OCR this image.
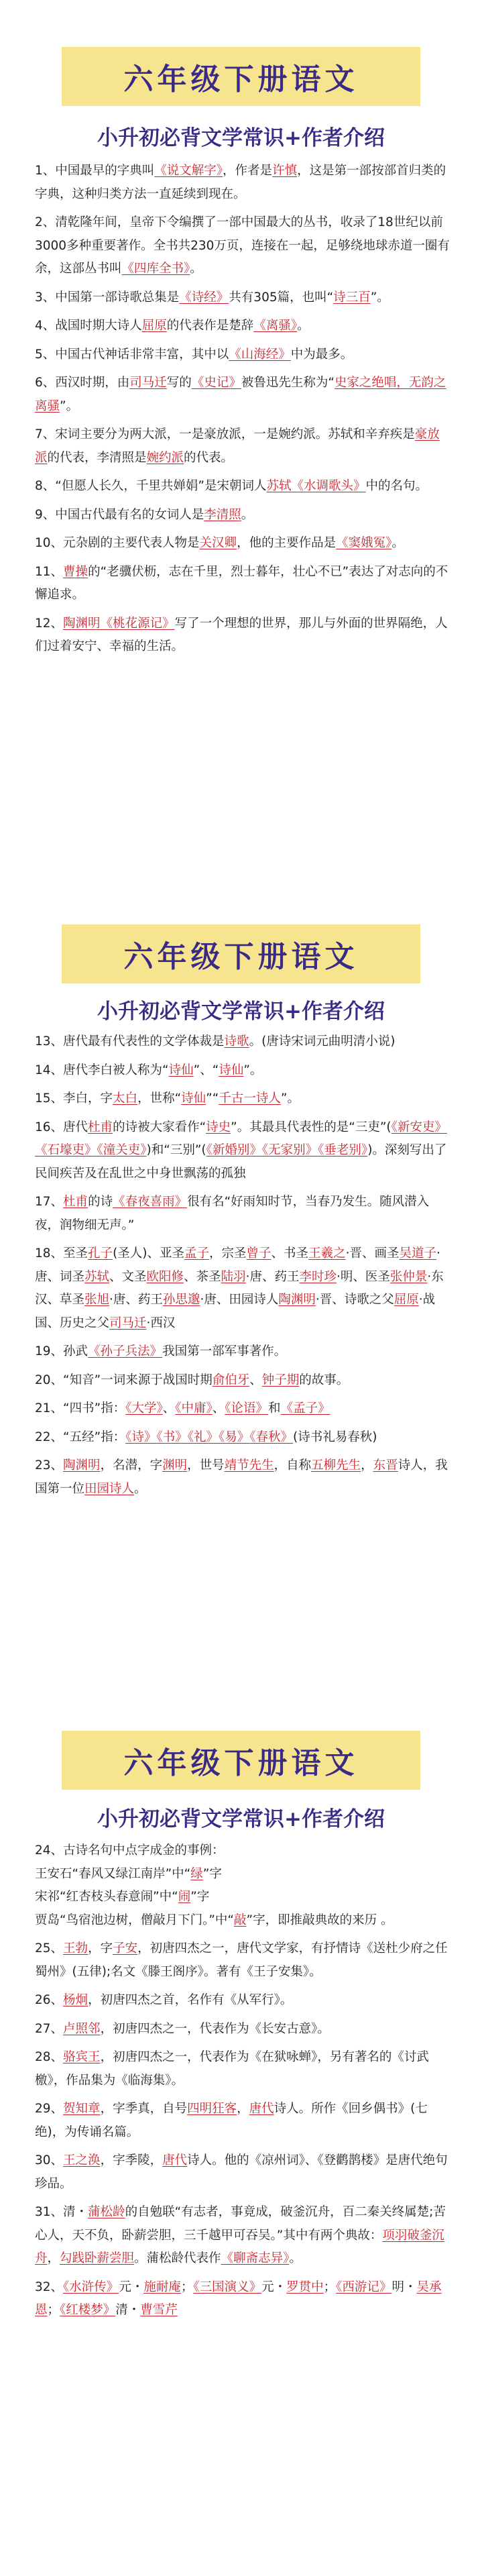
六年级下册语文
小升初必背文学常识+作者介绍
1、中国最早的字典叫《说文解字》，作者是许慎，这是第一部按部首归类的字典，这种归类方法一直延续到现在。
2、清乾隆年间，皇帝下令编撰了一部中国最大的丛书，收录了18世纪以前3000多种重要著作。全书共230万页，连接在一起，足够绕地球赤道一圈有余，这部丛书叫《四库全书》。
3、中国第一部诗歌总集是《诗经》共有305篇，也叫“诗三百”。
4、战国时期大诗人屈原的代表作是楚辞《离骚》。
5、中国古代神话非常丰富，其中以《山海经》中为最多。
6、西汉时期，由司马迁写的《史记》被鲁迅先生称为“史家之绝唱，无韵之离骚”。
7、宋词主要分为两大派，一是豪放派，一是婉约派。苏轼和辛弃疾是豪放派的代表，李清照是婉约派的代表。
8、“但愿人长久，千里共婵娟”是宋朝词人苏轼《水调歌头》中的名句。
9、中国古代最有名的女词人是李清照。
10、元杂剧的主要代表人物是关汉卿，他的主要作品是《窦娥冤》。
11、曹操的“老骥伏枥，志在千里，烈士暮年，壮心不已”表达了对志向的不懈追求。
12、陶渊明《桃花源记》写了一个理想的世界，那儿与外面的世界隔绝，人们过着安宁、幸福的生活。
六年级下册语文
小升初必背文学常识+作者介绍
13、唐代最有代表性的文学体裁是诗歌。(唐诗宋词元曲明清小说)
14、唐代李白被人称为“诗仙”、“诗仙”。
15、李白，字太白，世称“诗仙”“千古一诗人”。
16、唐代杜甫的诗被大家看作“诗史”。其最具代表性的是“三吏”(《新安吏》《石壕吏》《潼关吏》)和“三别”(《新婚别》《无家别》《垂老别》)。深刻写出了民间疾苦及在乱世之中身世飘荡的孤独
17、杜甫的诗《春夜喜雨》很有名“好雨知时节，当春乃发生。随风潜入夜，润物细无声。”
18、至圣孔子(圣人)、亚圣孟子，宗圣曾子、书圣王羲之·晋、画圣吴道子·唐、词圣苏轼、文圣欧阳修、茶圣陆羽·唐、药王李时珍·明、医圣张仲景·东汉、草圣张旭·唐、药王孙思邈·唐、田园诗人陶渊明·晋、诗歌之父屈原·战国、历史之父司马迁·西汉
19、孙武《孙子兵法》我国第一部军事著作。
20、“知音”一词来源于战国时期俞伯牙、钟子期的故事。
21、“四书”指：《大学》、《中庸》、《论语》和《孟子》
22、“五经”指：《诗》《书》《礼》《易》《春秋》(诗书礼易春秋)
23、陶渊明，名潜，字渊明，世号靖节先生，自称五柳先生，东晋诗人，我国第一位田园诗人。
六年级下册语文
小升初必背文学常识+作者介绍
24、古诗名句中点字成金的事例：
王安石“春风又绿江南岸”中“绿”字
宋祁“红杏枝头春意闹”中“闹”字
贾岛“鸟宿池边树，僧敲月下门。”中“敲”字，即推敲典故的来历 。
25、王勃，字子安，初唐四杰之一，唐代文学家，有抒情诗《送杜少府之任蜀州》(五律);名文《滕王阁序》。著有《王子安集》。
26、杨炯，初唐四杰之首，名作有《从军行》。
27、卢照邻，初唐四杰之一，代表作为《长安古意》。
28、骆宾王，初唐四杰之一，代表作为《在狱咏蝉》，另有著名的《讨武檄》，作品集为《临海集》。
29、贺知章，字季真，自号四明狂客，唐代诗人。所作《回乡偶书》(七绝)，为传诵名篇。
30、王之涣，字季陵，唐代诗人。他的《凉州词》、《登鹳鹊楼》是唐代绝句珍品。
31、清・蒲松龄的自勉联“有志者，事竟成，破釜沉舟，百二秦关终属楚;苦心人，天不负，卧薪尝胆，三千越甲可吞吴。”其中有两个典故：项羽破釜沉舟，勾践卧薪尝胆。蒲松龄代表作《聊斋志异》。
32、《水浒传》元・施耐庵；《三国演义》元・罗贯中；《西游记》明・吴承恩；《红楼梦》清・曹雪芹
